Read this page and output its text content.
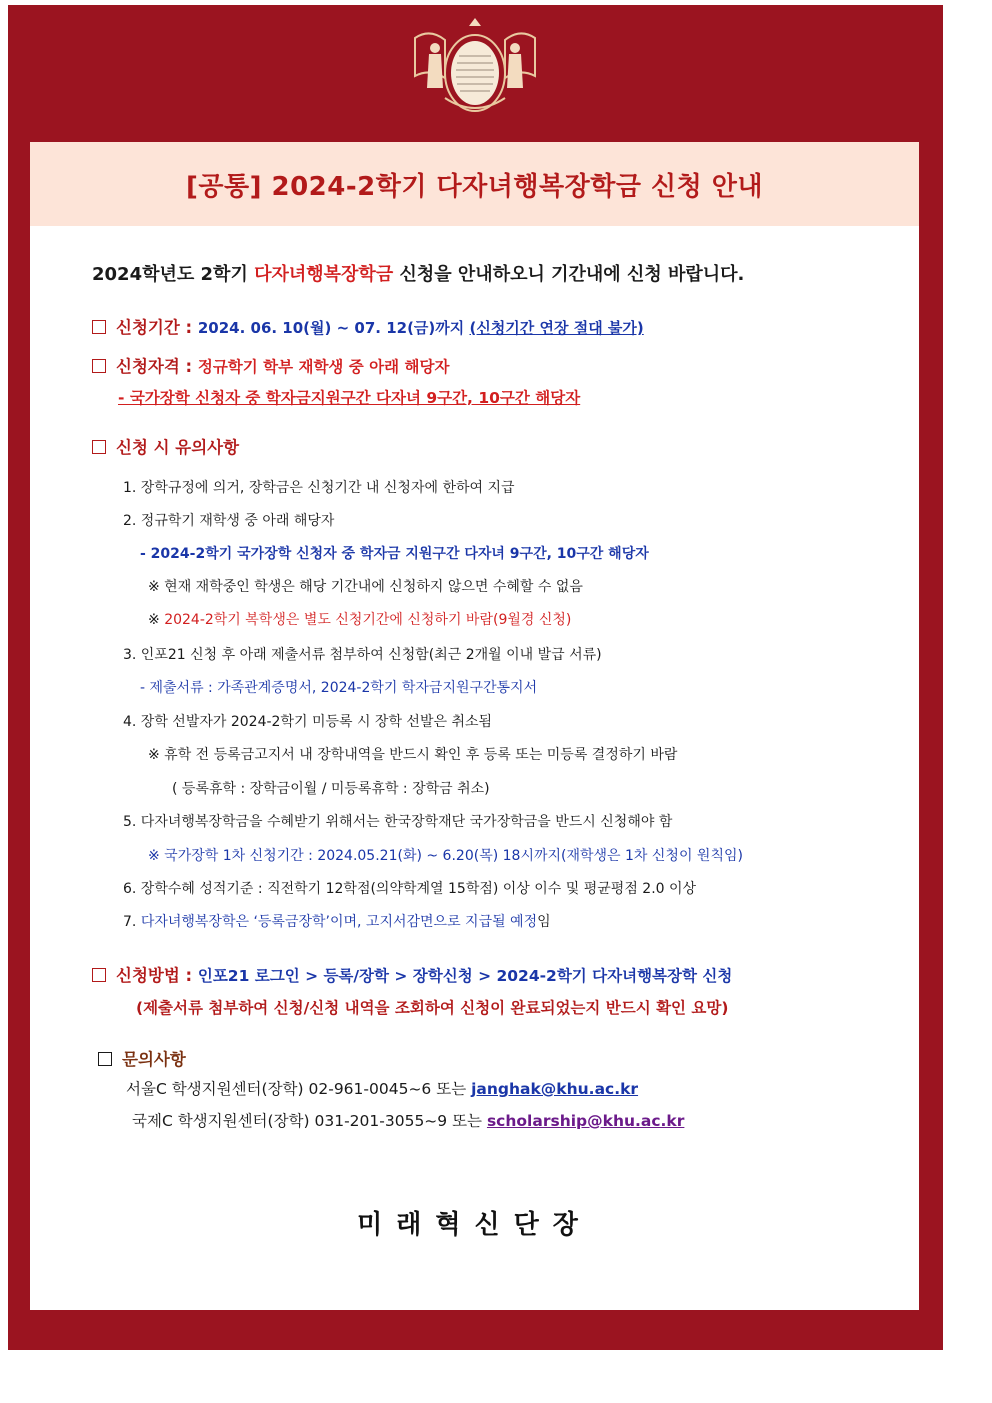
[공통] 2024-2학기 다자녀행복장학금 신청 안내
2024학년도 2학기 다자녀행복장학금 신청을 안내하오니 기간내에 신청 바랍니다.
신청기간 : 2024. 06. 10(월) ~ 07. 12(금)까지 (신청기간 연장 절대 불가)
신청자격 : 정규학기 학부 재학생 중 아래 해당자
- 국가장학 신청자 중 학자금지원구간 다자녀 9구간, 10구간 해당자
신청 시 유의사항
1. 장학규정에 의거, 장학금은 신청기간 내 신청자에 한하여 지급
2. 정규학기 재학생 중 아래 해당자
- 2024-2학기 국가장학 신청자 중 학자금 지원구간 다자녀 9구간, 10구간 해당자
※ 현재 재학중인 학생은 해당 기간내에 신청하지 않으면 수혜할 수 없음
※ 2024-2학기 복학생은 별도 신청기간에 신청하기 바람(9월경 신청)
3. 인포21 신청 후 아래 제출서류 첨부하여 신청함(최근 2개월 이내 발급 서류)
- 제출서류 : 가족관계증명서, 2024-2학기 학자금지원구간통지서
4. 장학 선발자가 2024-2학기 미등록 시 장학 선발은 취소됨
※ 휴학 전 등록금고지서 내 장학내역을 반드시 확인 후 등록 또는 미등록 결정하기 바람
( 등록휴학 : 장학금이월 / 미등록휴학 : 장학금 취소)
5. 다자녀행복장학금을 수혜받기 위해서는 한국장학재단 국가장학금을 반드시 신청해야 함
※ 국가장학 1차 신청기간 : 2024.05.21(화) ~ 6.20(목) 18시까지(재학생은 1차 신청이 원칙임)
6. 장학수혜 성적기준 : 직전학기 12학점(의약학계열 15학점) 이상 이수 및 평균평점 2.0 이상
7. 다자녀행복장학은 ‘등록금장학’이며, 고지서감면으로 지급될 예정임
신청방법 : 인포21 로그인 > 등록/장학 > 장학신청 > 2024-2학기 다자녀행복장학 신청
(제출서류 첨부하여 신청/신청 내역을 조회하여 신청이 완료되었는지 반드시 확인 요망)
문의사항
서울C 학생지원센터(장학) 02-961-0045~6 또는 janghak@khu.ac.kr
국제C 학생지원센터(장학) 031-201-3055~9 또는 scholarship@khu.ac.kr
미래혁신단장
